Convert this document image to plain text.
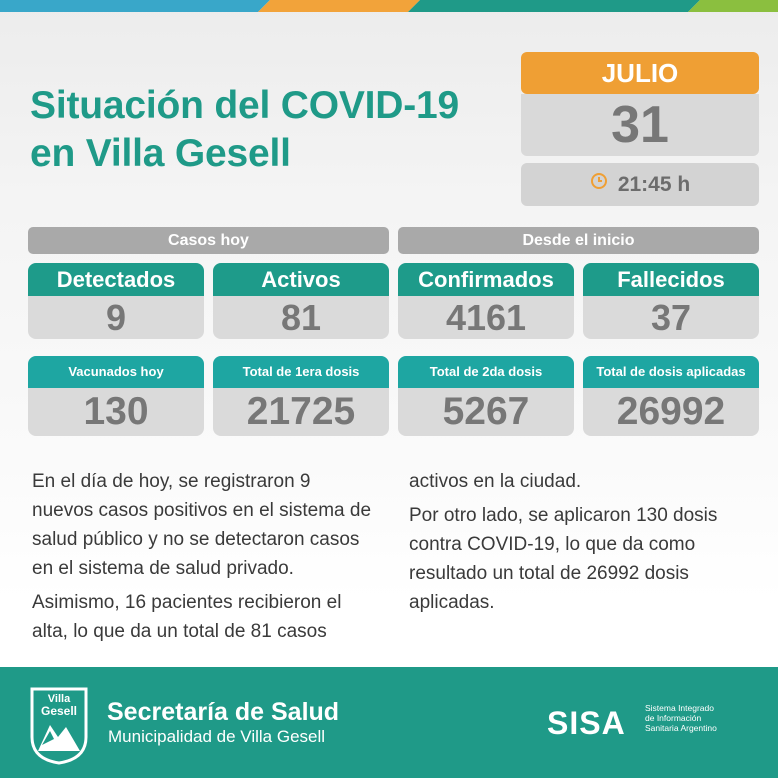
Situación del COVID-19
en Villa Gesell
JULIO
31
21:45 h
Casos hoy	Desde el inicio
Detectados
9
Activos
81
Confirmados
4161
Fallecidos
37
Vacunados hoy
130
Total de 1era dosis
21725
Total de 2da dosis
5267
Total de dosis aplicadas
26992

En el día de hoy, se registraron 9 nuevos casos positivos en el sistema de salud público y no se detectaron casos en el sistema de salud privado.

Asimismo, 16 pacientes recibieron el alta, lo que da un total de 81 casos

activos en la ciudad.

Por otro lado, se aplicaron 130 dosis contra COVID-19, lo que da como resultado un total de 26992 dosis aplicadas.

Villa
Gesell Secretaría de Salud
Municipalidad de Villa Gesell	SISA Sistema Integrado
de Información
Sanitaria Argentino
